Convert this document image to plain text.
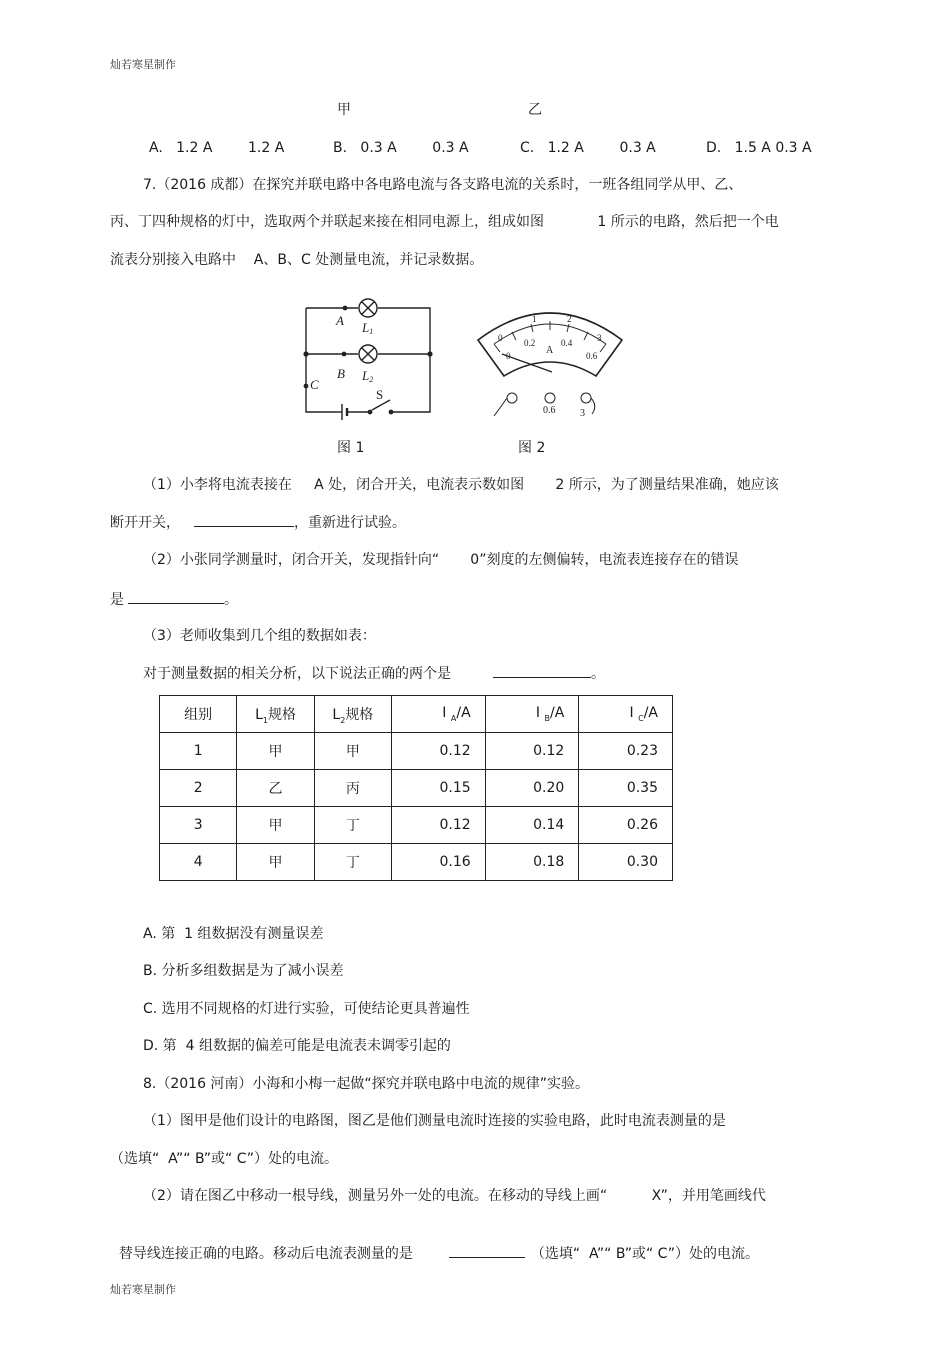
灿若寒星制作
甲	乙
A.   1.2 A        1.2 A	B.   0.3 A        0.3 A	C.   1.2 A        0.3 A	D.   1.5 A 0.3 A
7.（2016 成都）在探究并联电路中各电路电流与各支路电流的关系时，一班各组同学从甲、乙、
丙、丁四种规格的灯中，选取两个并联起来接在相同电源上，组成如图            1 所示的电路，然后把一个电
流表分别接入电路中    A、B、C 处测量电流，并记录数据。
A
B
C
L1
L2
S
0
1	2
3
0
0.2	0.4
0.6
A
0.6 3
图 1	图 2
（1）小李将电流表接在     A 处，闭合开关，电流表示数如图       2 所示，为了测量结果准确，她应该
断开开关，	，重新进行试验。
（2）小张同学测量时，闭合开关，发现指针向“       0”刻度的左侧偏转，电流表连接存在的错误
是	。
（3）老师收集到几个组的数据如表：
对于测量数据的相关分析，以下说法正确的两个是	。
组别	$L_1$规格	$L_2$规格	I $_A$/A	I $_B$/A	I $_C$/A
1	甲	甲	0.12	0.12	0.23
2	乙	丙	0.15	0.20	0.35
3	甲	丁	0.12	0.14	0.26
4	甲	丁	0.16	0.18	0.30
A. 第  1 组数据没有测量误差
B. 分析多组数据是为了减小误差
C. 选用不同规格的灯进行实验，可使结论更具普遍性
D. 第  4 组数据的偏差可能是电流表未调零引起的
8.（2016 河南）小海和小梅一起做“探究并联电路中电流的规律”实验。
（1）图甲是他们设计的电路图，图乙是他们测量电流时连接的实验电路，此时电流表测量的是
（选填“  A”“ B”或“ C”）处的电流。
（2）请在图乙中移动一根导线，测量另外一处的电流。在移动的导线上画“          X”，并用笔画线代

替导线连接正确的电路。移动后电流表测量的是	（选填“  A”“ B”或“ C”）处的电流。

灿若寒星制作
